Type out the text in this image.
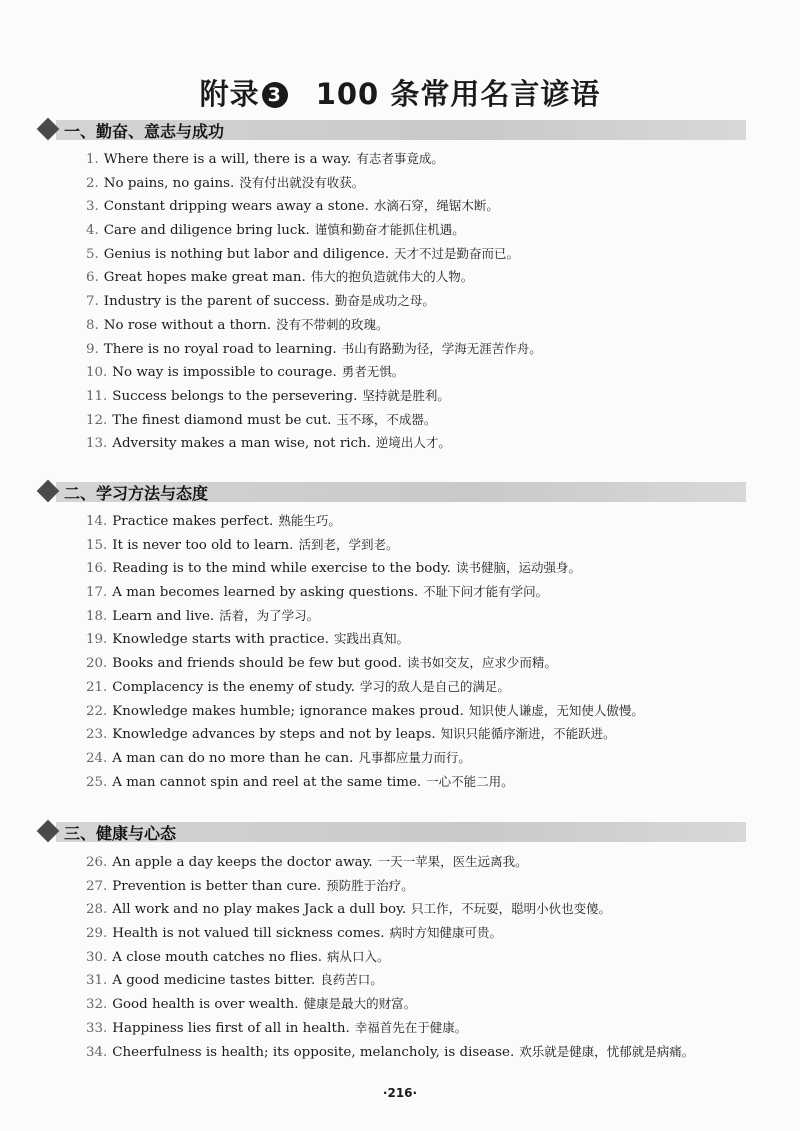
附录 3 100 条常用名言谚语
一、勤奋、意志与成功
1. Where there is a will, there is a way. 有志者事竟成。
2. No pains, no gains. 没有付出就没有收获。
3. Constant dripping wears away a stone. 水滴石穿，绳锯木断。
4. Care and diligence bring luck. 谨慎和勤奋才能抓住机遇。
5. Genius is nothing but labor and diligence. 天才不过是勤奋而已。
6. Great hopes make great man. 伟大的抱负造就伟大的人物。
7. Industry is the parent of success. 勤奋是成功之母。
8. No rose without a thorn. 没有不带刺的玫瑰。
9. There is no royal road to learning. 书山有路勤为径，学海无涯苦作舟。
10. No way is impossible to courage. 勇者无惧。
11. Success belongs to the persevering. 坚持就是胜利。
12. The finest diamond must be cut. 玉不琢，不成器。
13. Adversity makes a man wise, not rich. 逆境出人才。
二、学习方法与态度
14. Practice makes perfect. 熟能生巧。
15. It is never too old to learn. 活到老，学到老。
16. Reading is to the mind while exercise to the body. 读书健脑，运动强身。
17. A man becomes learned by asking questions. 不耻下问才能有学问。
18. Learn and live. 活着，为了学习。
19. Knowledge starts with practice. 实践出真知。
20. Books and friends should be few but good. 读书如交友，应求少而精。
21. Complacency is the enemy of study. 学习的敌人是自己的满足。
22. Knowledge makes humble; ignorance makes proud. 知识使人谦虚，无知使人傲慢。
23. Knowledge advances by steps and not by leaps. 知识只能循序渐进，不能跃进。
24. A man can do no more than he can. 凡事都应量力而行。
25. A man cannot spin and reel at the same time. 一心不能二用。
三、健康与心态
26. An apple a day keeps the doctor away. 一天一苹果，医生远离我。
27. Prevention is better than cure. 预防胜于治疗。
28. All work and no play makes Jack a dull boy. 只工作，不玩耍，聪明小伙也变傻。
29. Health is not valued till sickness comes. 病时方知健康可贵。
30. A close mouth catches no flies. 病从口入。
31. A good medicine tastes bitter. 良药苦口。
32. Good health is over wealth. 健康是最大的财富。
33. Happiness lies first of all in health. 幸福首先在于健康。
34. Cheerfulness is health; its opposite, melancholy, is disease. 欢乐就是健康，忧郁就是病痛。
·216·
